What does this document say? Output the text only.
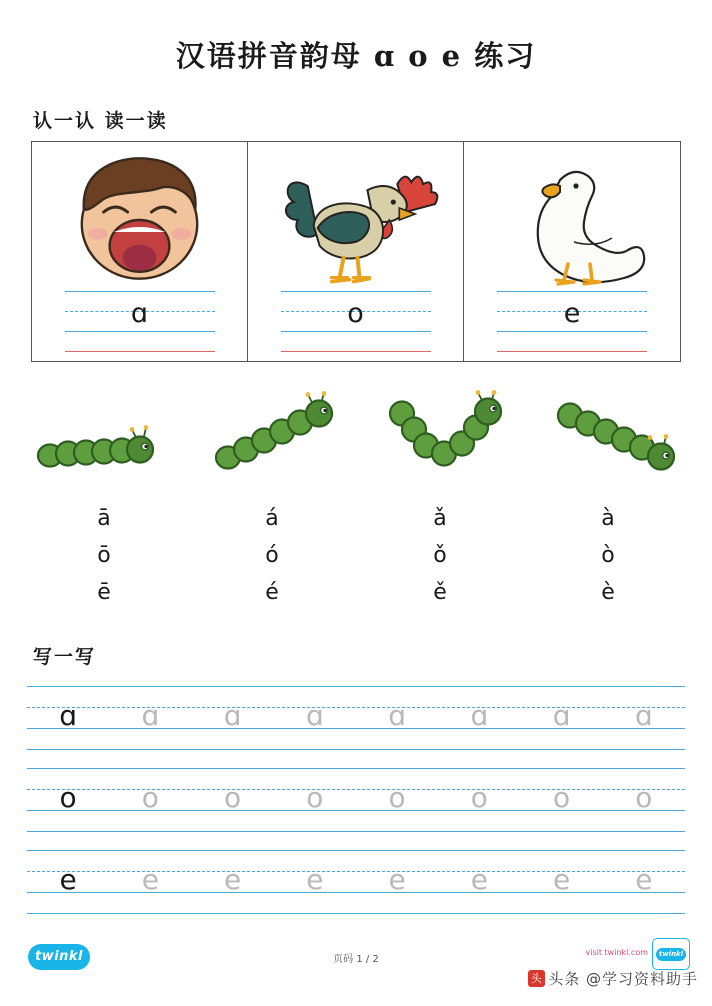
汉语拼音韵母 ɑ o e 练习
认一认 读一读
ɑ	o	e
ā	á	ǎ	à
ō	ó	ǒ	ò
ē	é	ě	è
写一写
ɑ	ɑ	ɑ	ɑ	ɑ	ɑ	ɑ	ɑ
o	o	o	o	o	o	o	o
e	e	e	e	e	e	e	e
twinkl	页码 1 / 2
visit twinkl.com	twinkl
头 头条 @学习资料助手
